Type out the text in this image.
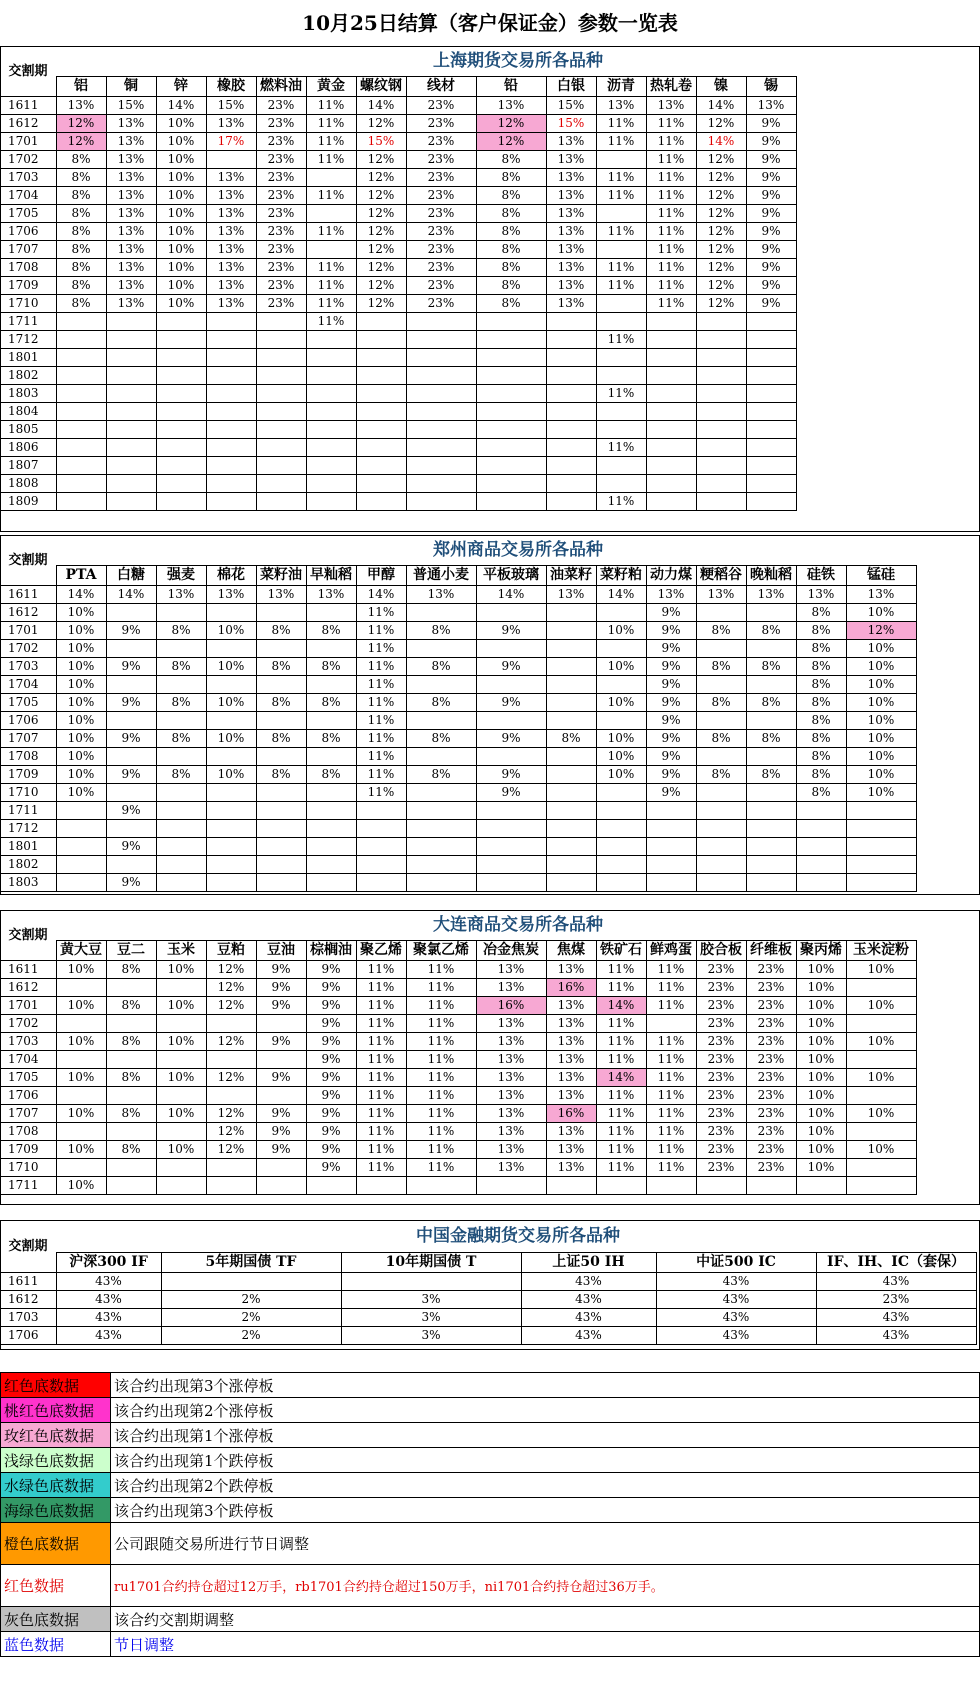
10月25日结算（客户保证金）参数一览表
上海期货交易所各品种
交割期
	铝	铜	锌	橡胶	燃料油	黄金	螺纹钢	线材	铅	白银	沥青	热轧卷	镍	锡
1611	13%	15%	14%	15%	23%	11%	14%	23%	13%	15%	13%	13%	14%	13%
1612	12%	13%	10%	13%	23%	11%	12%	23%	12%	15%	11%	11%	12%	9%
1701	12%	13%	10%	17%	23%	11%	15%	23%	12%	13%	11%	11%	14%	9%
1702	8%	13%	10%		23%	11%	12%	23%	8%	13%		11%	12%	9%
1703	8%	13%	10%	13%	23%		12%	23%	8%	13%	11%	11%	12%	9%
1704	8%	13%	10%	13%	23%	11%	12%	23%	8%	13%	11%	11%	12%	9%
1705	8%	13%	10%	13%	23%		12%	23%	8%	13%		11%	12%	9%
1706	8%	13%	10%	13%	23%	11%	12%	23%	8%	13%	11%	11%	12%	9%
1707	8%	13%	10%	13%	23%		12%	23%	8%	13%		11%	12%	9%
1708	8%	13%	10%	13%	23%	11%	12%	23%	8%	13%	11%	11%	12%	9%
1709	8%	13%	10%	13%	23%	11%	12%	23%	8%	13%	11%	11%	12%	9%
1710	8%	13%	10%	13%	23%	11%	12%	23%	8%	13%		11%	12%	9%
1711						11%								
1712											11%			
1801														
1802														
1803											11%			
1804														
1805														
1806											11%			
1807														
1808														
1809											11%			
郑州商品交易所各品种
交割期
	PTA	白糖	强麦	棉花	菜籽油	早籼稻	甲醇	普通小麦	平板玻璃	油菜籽	菜籽粕	动力煤	粳稻谷	晚籼稻	硅铁	锰硅
1611	14%	14%	13%	13%	13%	13%	14%	13%	14%	13%	14%	13%	13%	13%	13%	13%
1612	10%						11%					9%			8%	10%
1701	10%	9%	8%	10%	8%	8%	11%	8%	9%		10%	9%	8%	8%	8%	12%
1702	10%						11%					9%			8%	10%
1703	10%	9%	8%	10%	8%	8%	11%	8%	9%		10%	9%	8%	8%	8%	10%
1704	10%						11%					9%			8%	10%
1705	10%	9%	8%	10%	8%	8%	11%	8%	9%		10%	9%	8%	8%	8%	10%
1706	10%						11%					9%			8%	10%
1707	10%	9%	8%	10%	8%	8%	11%	8%	9%	8%	10%	9%	8%	8%	8%	10%
1708	10%						11%				10%	9%			8%	10%
1709	10%	9%	8%	10%	8%	8%	11%	8%	9%		10%	9%	8%	8%	8%	10%
1710	10%						11%		9%			9%			8%	10%
1711		9%														
1712																
1801		9%														
1802																
1803		9%														
大连商品交易所各品种
交割期
	黄大豆	豆二	玉米	豆粕	豆油	棕榈油	聚乙烯	聚氯乙烯	冶金焦炭	焦煤	铁矿石	鲜鸡蛋	胶合板	纤维板	聚丙烯	玉米淀粉
1611	10%	8%	10%	12%	9%	9%	11%	11%	13%	13%	11%	11%	23%	23%	10%	10%
1612				12%	9%	9%	11%	11%	13%	16%	11%	11%	23%	23%	10%	
1701	10%	8%	10%	12%	9%	9%	11%	11%	16%	13%	14%	11%	23%	23%	10%	10%
1702						9%	11%	11%	13%	13%	11%		23%	23%	10%	
1703	10%	8%	10%	12%	9%	9%	11%	11%	13%	13%	11%	11%	23%	23%	10%	10%
1704						9%	11%	11%	13%	13%	11%	11%	23%	23%	10%	
1705	10%	8%	10%	12%	9%	9%	11%	11%	13%	13%	14%	11%	23%	23%	10%	10%
1706						9%	11%	11%	13%	13%	11%	11%	23%	23%	10%	
1707	10%	8%	10%	12%	9%	9%	11%	11%	13%	16%	11%	11%	23%	23%	10%	10%
1708				12%	9%	9%	11%	11%	13%	13%	11%	11%	23%	23%	10%	
1709	10%	8%	10%	12%	9%	9%	11%	11%	13%	13%	11%	11%	23%	23%	10%	10%
1710						9%	11%	11%	13%	13%	11%	11%	23%	23%	10%	
1711	10%															
中国金融期货交易所各品种
交割期
	沪深300 IF	5年期国债 TF	10年期国债 T	上证50 IH	中证500 IC	IF、IH、IC（套保）
1611	43%			43%	43%	43%
1612	43%	2%	3%	43%	43%	23%
1703	43%	2%	3%	43%	43%	43%
1706	43%	2%	3%	43%	43%	43%
红色底数据	该合约出现第3个涨停板
桃红色底数据	该合约出现第2个涨停板
玫红色底数据	该合约出现第1个涨停板
浅绿色底数据	该合约出现第1个跌停板
水绿色底数据	该合约出现第2个跌停板
海绿色底数据	该合约出现第3个跌停板
橙色底数据	公司跟随交易所进行节日调整
红色数据	ru1701合约持仓超过12万手，rb1701合约持仓超过150万手，ni1701合约持仓超过36万手。
灰色底数据	该合约交割期调整
蓝色数据	节日调整
